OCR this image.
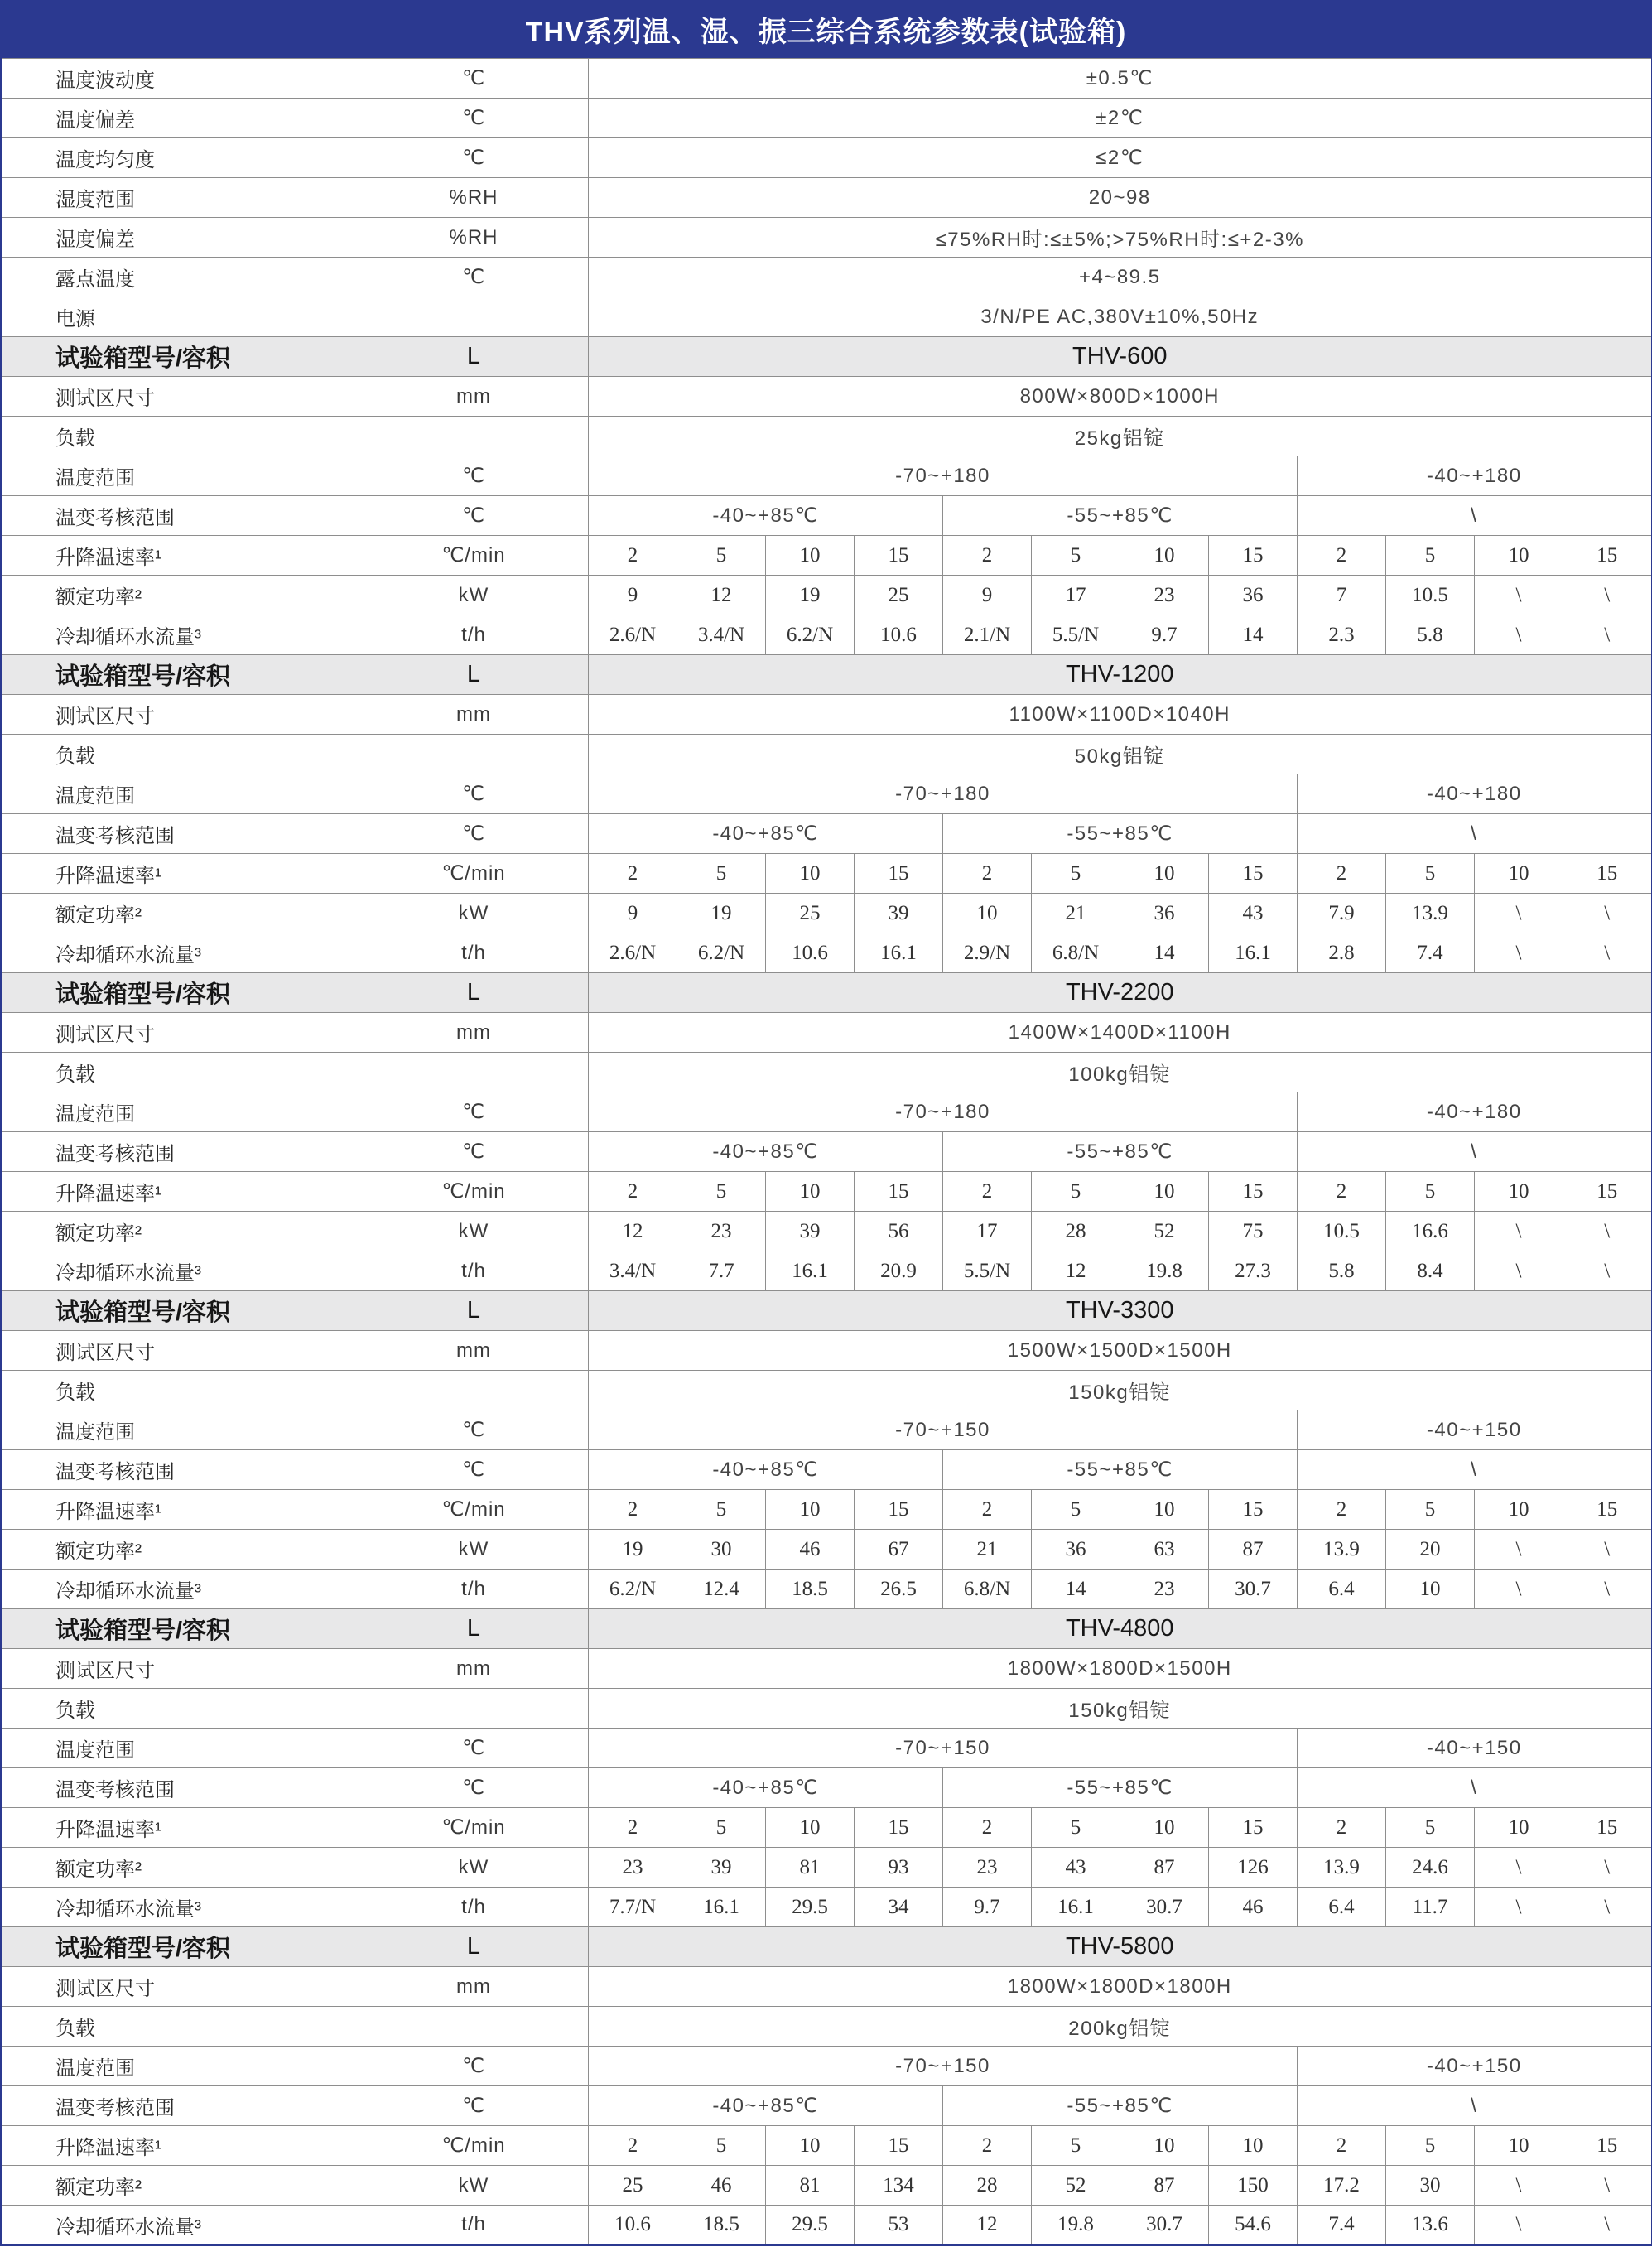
THV系列温、湿、振三综合系统参数表(试验箱)
温度波动度	℃	±0.5℃											
温度偏差	℃	±2℃											
温度均匀度	℃	≤2℃											
湿度范围	%RH	20~98											
湿度偏差	%RH	≤75%RH时:≤±5%;>75%RH时:≤+2-3%											
露点温度	℃	+4~89.5											
电源		3/N/PE AC,380V±10%,50Hz											
试验箱型号/容积	L	THV-600											
测试区尺寸	mm	800W×800D×1000H											
负载		25kg铝锭											
温度范围	℃	-70~+180								-40~+180			
温变考核范围	℃	-40~+85℃				-55~+85℃				\			
升降温速率¹	℃/min	2	5	10	15	2	5	10	15	2	5	10	15
额定功率²	kW	9	12	19	25	9	17	23	36	7	10.5	\	\
冷却循环水流量³	t/h	2.6/N	3.4/N	6.2/N	10.6	2.1/N	5.5/N	9.7	14	2.3	5.8	\	\
试验箱型号/容积	L	THV-1200											
测试区尺寸	mm	1100W×1100D×1040H											
负载		50kg铝锭											
温度范围	℃	-70~+180								-40~+180			
温变考核范围	℃	-40~+85℃				-55~+85℃				\			
升降温速率¹	℃/min	2	5	10	15	2	5	10	15	2	5	10	15
额定功率²	kW	9	19	25	39	10	21	36	43	7.9	13.9	\	\
冷却循环水流量³	t/h	2.6/N	6.2/N	10.6	16.1	2.9/N	6.8/N	14	16.1	2.8	7.4	\	\
试验箱型号/容积	L	THV-2200											
测试区尺寸	mm	1400W×1400D×1100H											
负载		100kg铝锭											
温度范围	℃	-70~+180								-40~+180			
温变考核范围	℃	-40~+85℃				-55~+85℃				\			
升降温速率¹	℃/min	2	5	10	15	2	5	10	15	2	5	10	15
额定功率²	kW	12	23	39	56	17	28	52	75	10.5	16.6	\	\
冷却循环水流量³	t/h	3.4/N	7.7	16.1	20.9	5.5/N	12	19.8	27.3	5.8	8.4	\	\
试验箱型号/容积	L	THV-3300											
测试区尺寸	mm	1500W×1500D×1500H											
负载		150kg铝锭											
温度范围	℃	-70~+150								-40~+150			
温变考核范围	℃	-40~+85℃				-55~+85℃				\			
升降温速率¹	℃/min	2	5	10	15	2	5	10	15	2	5	10	15
额定功率²	kW	19	30	46	67	21	36	63	87	13.9	20	\	\
冷却循环水流量³	t/h	6.2/N	12.4	18.5	26.5	6.8/N	14	23	30.7	6.4	10	\	\
试验箱型号/容积	L	THV-4800											
测试区尺寸	mm	1800W×1800D×1500H											
负载		150kg铝锭											
温度范围	℃	-70~+150								-40~+150			
温变考核范围	℃	-40~+85℃				-55~+85℃				\			
升降温速率¹	℃/min	2	5	10	15	2	5	10	15	2	5	10	15
额定功率²	kW	23	39	81	93	23	43	87	126	13.9	24.6	\	\
冷却循环水流量³	t/h	7.7/N	16.1	29.5	34	9.7	16.1	30.7	46	6.4	11.7	\	\
试验箱型号/容积	L	THV-5800											
测试区尺寸	mm	1800W×1800D×1800H											
负载		200kg铝锭											
温度范围	℃	-70~+150								-40~+150			
温变考核范围	℃	-40~+85℃				-55~+85℃				\			
升降温速率¹	℃/min	2	5	10	15	2	5	10	10	2	5	10	15
额定功率²	kW	25	46	81	134	28	52	87	150	17.2	30	\	\
冷却循环水流量³	t/h	10.6	18.5	29.5	53	12	19.8	30.7	54.6	7.4	13.6	\	\
